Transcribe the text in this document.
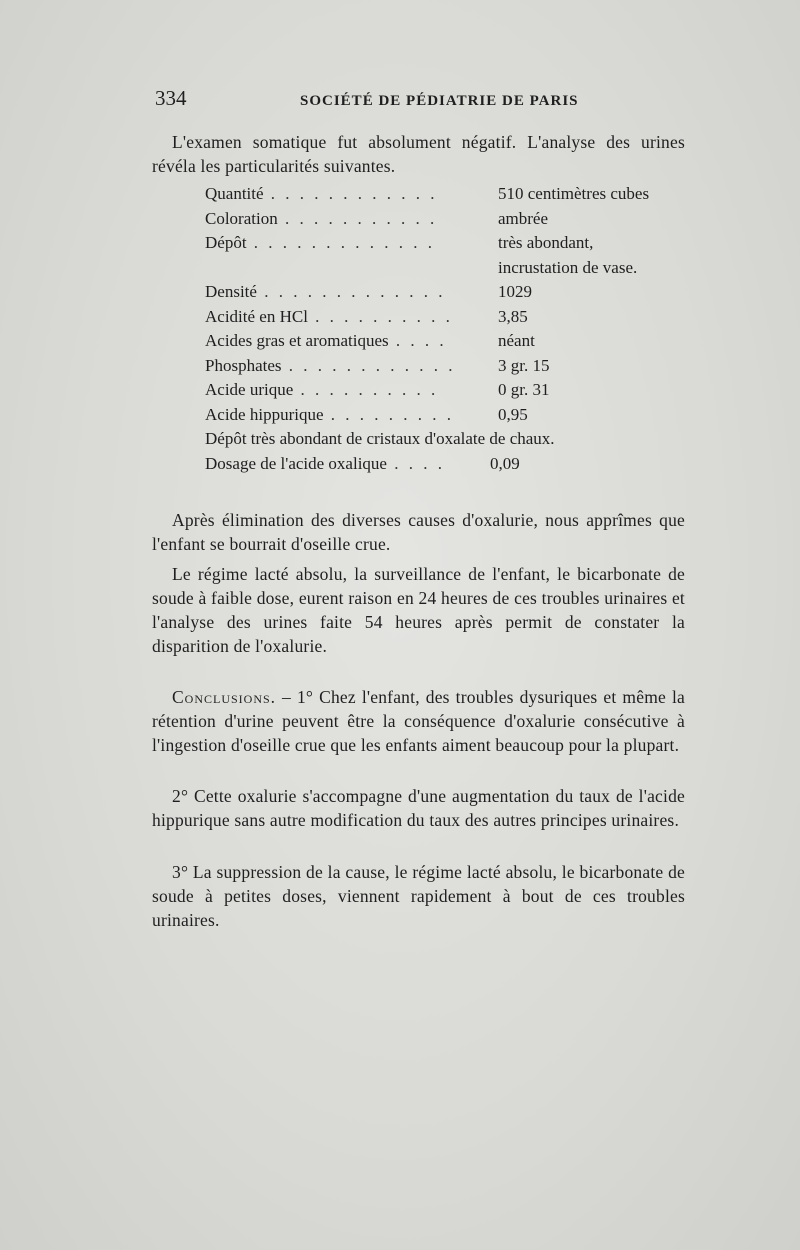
334	SOCIÉTÉ DE PÉDIATRIE DE PARIS

L'examen somatique fut absolument négatif. L'analyse des urines révéla les particularités suivantes.

Quantité . . . . . . . . . . . .	510 centimètres cubes
Coloration . . . . . . . . . . .	ambrée
Dépôt . . . . . . . . . . . . .	très abondant,
incrustation de vase.
Densité . . . . . . . . . . . . .	1029
Acidité en HCl . . . . . . . . . .	3,85
Acides gras et aromatiques . . . .	néant
Phosphates . . . . . . . . . . . .	3 gr. 15
Acide urique . . . . . . . . . .	0 gr. 31
Acide hippurique . . . . . . . . .	0,95
Dépôt très abondant de cristaux d'oxalate de chaux.
Dosage de l'acide oxalique . . . .	0,09

Après élimination des diverses causes d'oxalurie, nous apprîmes que l'enfant se bourrait d'oseille crue.

Le régime lacté absolu, la surveillance de l'enfant, le bicarbonate de soude à faible dose, eurent raison en 24 heures de ces troubles urinaires et l'analyse des urines faite 54 heures après permit de constater la disparition de l'oxalurie.

Conclusions. – 1° Chez l'enfant, des troubles dysuriques et même la rétention d'urine peuvent être la conséquence d'oxalurie consécutive à l'ingestion d'oseille crue que les enfants aiment beaucoup pour la plupart.

2° Cette oxalurie s'accompagne d'une augmentation du taux de l'acide hippurique sans autre modification du taux des autres principes urinaires.

3° La suppression de la cause, le régime lacté absolu, le bicarbonate de soude à petites doses, viennent rapidement à bout de ces troubles urinaires.
